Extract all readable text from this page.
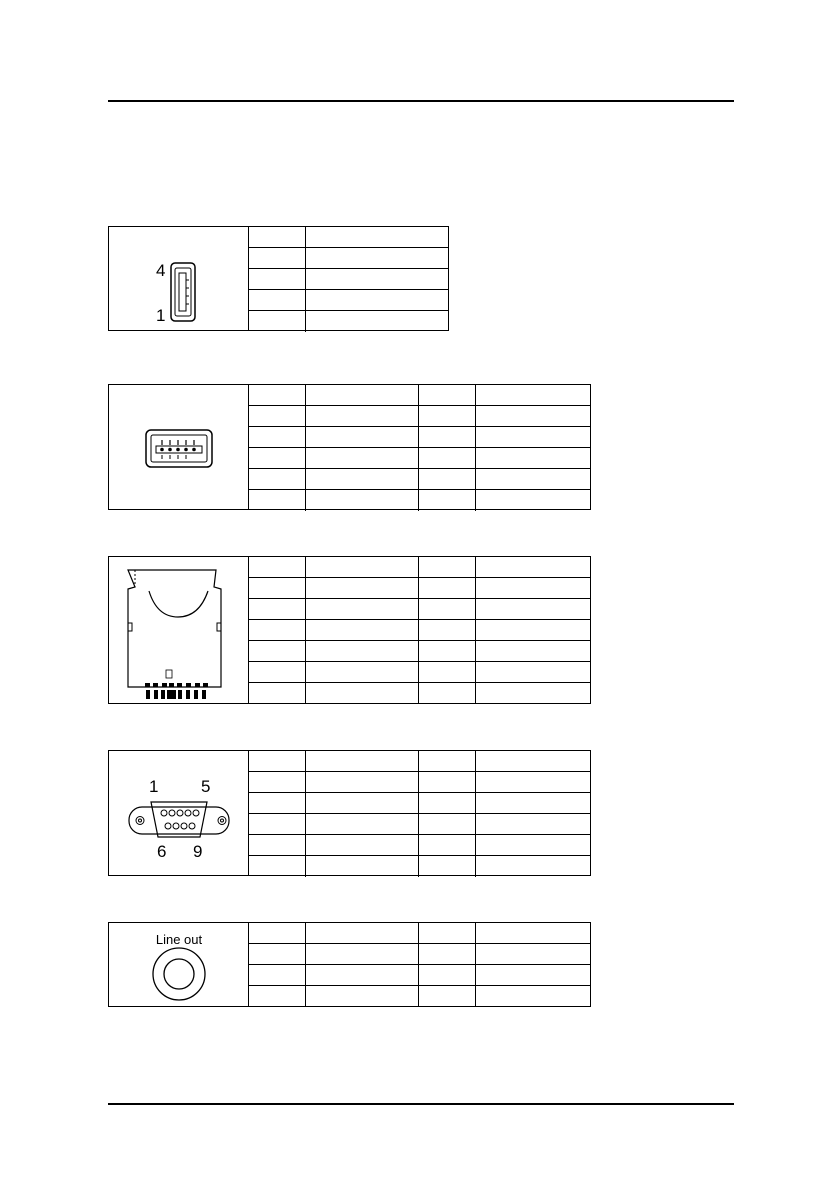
4
1
1	5
6 9
Line out
